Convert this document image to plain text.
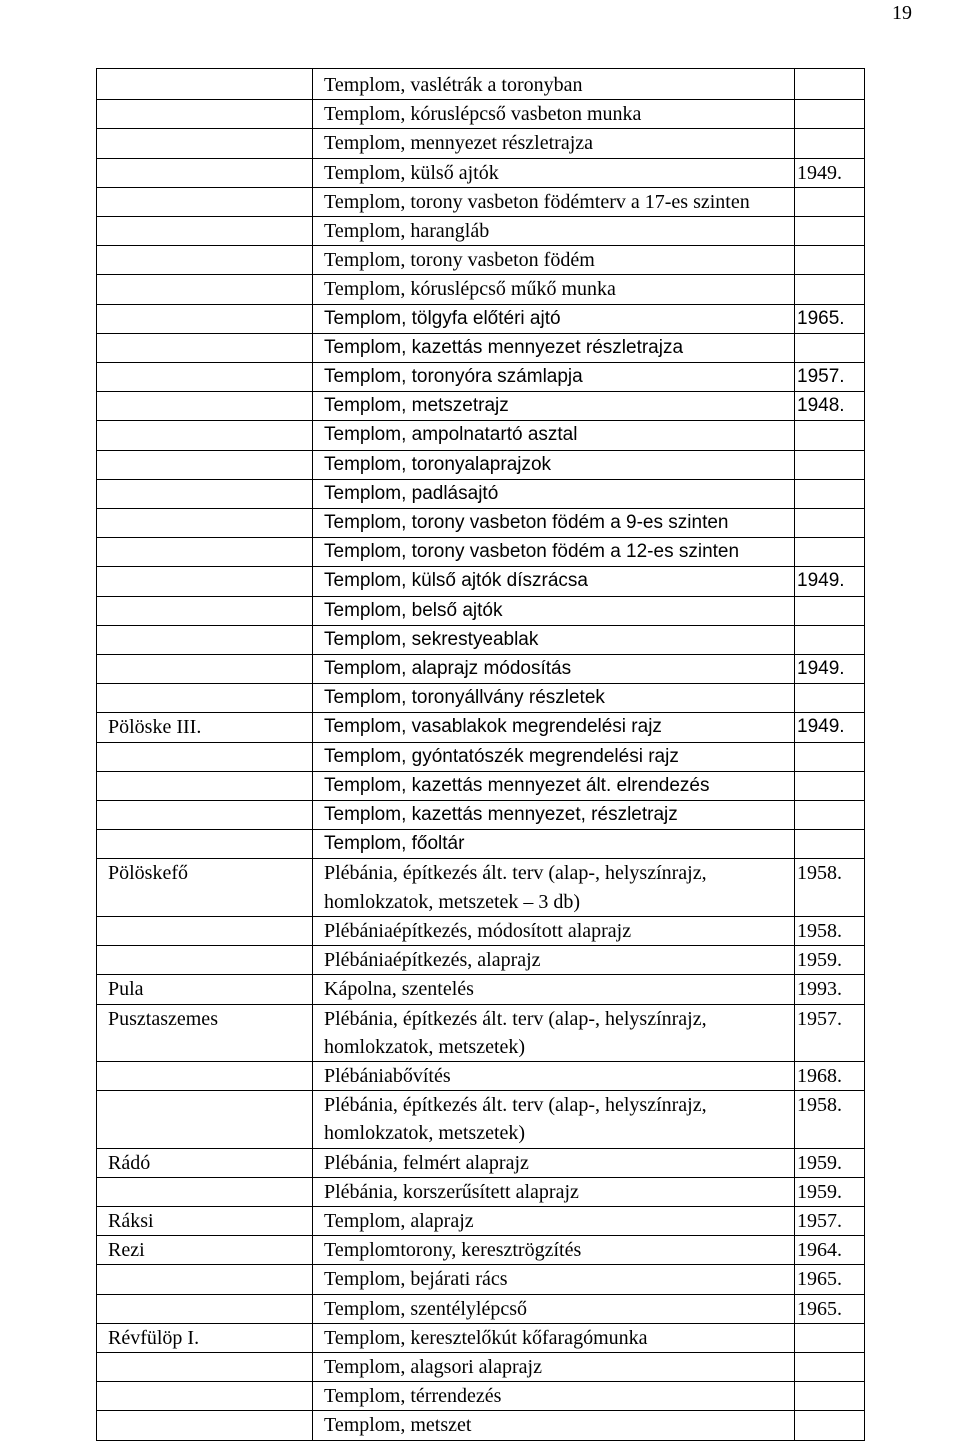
19
	Templom, vaslétrák a toronyban	
	Templom, kóruslépcső vasbeton munka	
	Templom, mennyezet részletrajza	
	Templom, külső ajtók	1949.
	Templom, torony vasbeton födémterv a 17-es szinten	
	Templom, harangláb	
	Templom, torony vasbeton födém	
	Templom, kóruslépcső műkő munka	
	Templom, tölgyfa előtéri ajtó	1965.
	Templom, kazettás mennyezet részletrajza	
	Templom, toronyóra számlapja	1957.
	Templom, metszetrajz	1948.
	Templom, ampolnatartó asztal	
	Templom, toronyalaprajzok	
	Templom, padlásajtó	
	Templom, torony vasbeton födém a 9-es szinten	
	Templom, torony vasbeton födém a 12-es szinten	
	Templom, külső ajtók díszrácsa	1949.
	Templom, belső ajtók	
	Templom, sekrestyeablak	
	Templom, alaprajz módosítás	1949.
	Templom, toronyállvány részletek	
Pölöske III.	Templom, vasablakok megrendelési rajz	1949.
	Templom, gyóntatószék megrendelési rajz	
	Templom, kazettás mennyezet ált. elrendezés	
	Templom, kazettás mennyezet, részletrajz	
	Templom, főoltár	
Pölöskefő	Plébánia, építkezés ált. terv (alap-, helyszínrajz, homlokzatok, metszetek – 3 db)	1958.
	Plébániaépítkezés, módosított alaprajz	1958.
	Plébániaépítkezés, alaprajz	1959.
Pula	Kápolna, szentelés	1993.
Pusztaszemes	Plébánia, építkezés ált. terv (alap-, helyszínrajz, homlokzatok, metszetek)	1957.
	Plébániabővítés	1968.
	Plébánia, építkezés ált. terv (alap-, helyszínrajz, homlokzatok, metszetek)	1958.
Rádó	Plébánia, felmért alaprajz	1959.
	Plébánia, korszerűsített alaprajz	1959.
Ráksi	Templom, alaprajz	1957.
Rezi	Templomtorony, keresztrögzítés	1964.
	Templom, bejárati rács	1965.
	Templom, szentélylépcső	1965.
Révfülöp I.	Templom, keresztelőkút kőfaragómunka	
	Templom, alagsori alaprajz	
	Templom, térrendezés	
	Templom, metszet	
